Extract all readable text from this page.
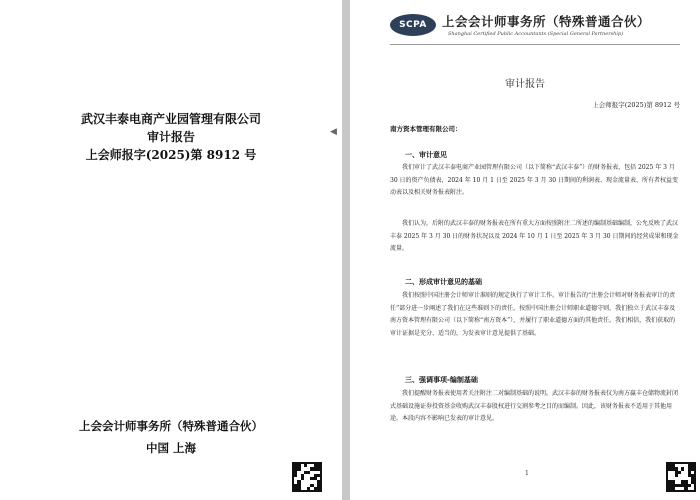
武汉丰泰电商产业园管理有限公司
审计报告
上会师报字(2025)第 8912 号
上会会计师事务所（特殊普通合伙）
中国 上海
◀
SCPA	上会会计师事务所（特殊普通合伙）
Shanghai Certified Public Accountants (Special General Partnership)
上会师报字(2025)第 8912 号
南方资本管理有限公司：
一、审计意见

我们审计了武汉丰泰电商产业园管理有限公司（以下简称“武汉丰泰”）的财务报表，包括 2025 年 3 月 30 日的资产负债表，2024 年 10 月 1 日至 2025 年 3 月 30 日期间的利润表、现金流量表、所有者权益变动表以及相关财务报表附注。

我们认为，后附的武汉丰泰的财务报表在所有重大方面按照附注二所述的编制基础编制，公允反映了武汉丰泰 2025 年 3 月 30 日的财务状况以及 2024 年 10 月 1 日至 2025 年 3 月 30 日期间的经营成果和现金流量。

二、形成审计意见的基础

我们按照中国注册会计师审计准则的规定执行了审计工作。审计报告的“注册会计师对财务报表审计的责任”部分进一步阐述了我们在这些准则下的责任。按照中国注册会计师职业道德守则，我们独立于武汉丰泰及南方资本管理有限公司（以下简称“南方资本”），并履行了职业道德方面的其他责任。我们相信，我们获取的审计证据是充分、适当的，为发表审计意见提供了基础。

三、强调事项-编制基础

我们提醒财务报表使用者关注附注二对编制基础的说明。武汉丰泰的财务报表仅为南方赢丰仓储物流封闭式基础设施证券投资基金收购武汉丰泰股权进行交割参考之目的而编制。因此，该财务报表不适用于其他用途。本段内容不影响已发表的审计意见。

1
审计报告
